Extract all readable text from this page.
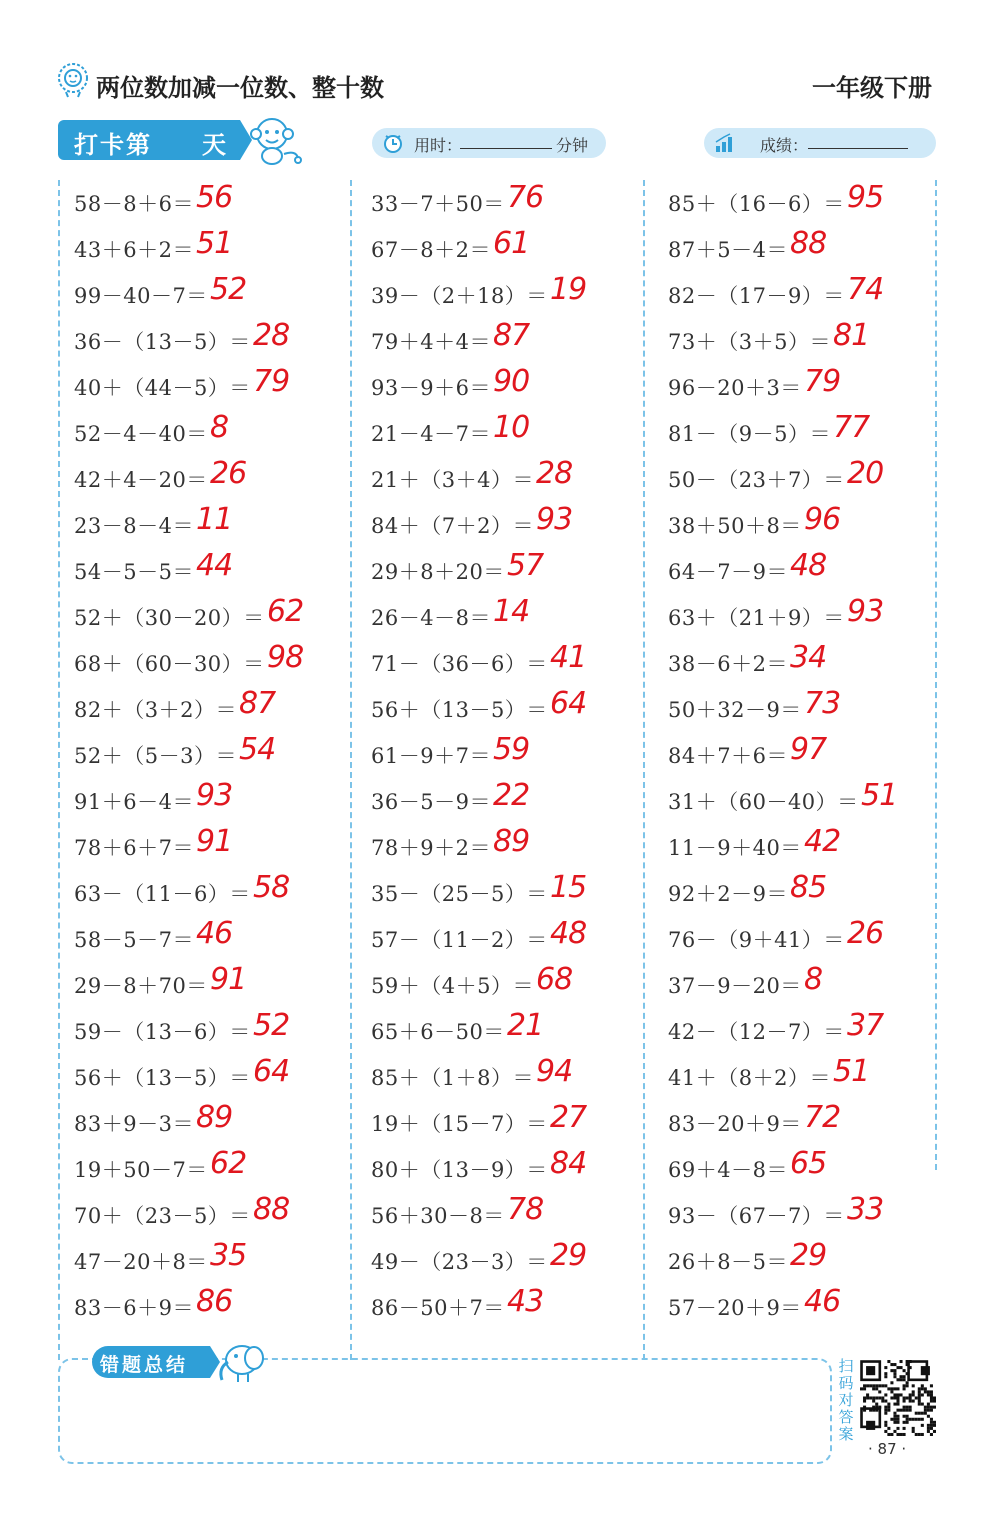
两位数加减一位数、整十数	一年级下册
打卡第 天	用时：	分钟	成绩：
58－8＋6＝ 56
43＋6＋2＝ 51
99－40－7＝ 52
36－（13－5）＝ 28
40＋（44－5）＝ 79
52－4－40＝ 8
42＋4－20＝ 26
23－8－4＝ 11
54－5－5＝ 44
52＋（30－20）＝ 62
68＋（60－30）＝ 98
82＋（3＋2）＝ 87
52＋（5－3）＝ 54
91＋6－4＝ 93
78＋6＋7＝ 91
63－（11－6）＝ 58
58－5－7＝ 46
29－8＋70＝ 91
59－（13－6）＝ 52
56＋（13－5）＝ 64
83＋9－3＝ 89
19＋50－7＝ 62
70＋（23－5）＝ 88
47－20＋8＝ 35
83－6＋9＝ 86
33－7＋50＝ 76
67－8＋2＝ 61
39－（2＋18）＝ 19
79＋4＋4＝ 87
93－9＋6＝ 90
21－4－7＝ 10
21＋（3＋4）＝ 28
84＋（7＋2）＝ 93
29＋8＋20＝ 57
26－4－8＝ 14
71－（36－6）＝ 41
56＋（13－5）＝ 64
61－9＋7＝ 59
36－5－9＝ 22
78＋9＋2＝ 89
35－（25－5）＝ 15
57－（11－2）＝ 48
59＋（4＋5）＝ 68
65＋6－50＝ 21
85＋（1＋8）＝ 94
19＋（15－7）＝ 27
80＋（13－9）＝ 84
56＋30－8＝ 78
49－（23－3）＝ 29
86－50＋7＝ 43
85＋（16－6）＝ 95
87＋5－4＝ 88
82－（17－9）＝ 74
73＋（3＋5）＝ 81
96－20＋3＝ 79
81－（9－5）＝ 77
50－（23＋7）＝ 20
38＋50＋8＝ 96
64－7－9＝ 48
63＋（21＋9）＝ 93
38－6＋2＝ 34
50＋32－9＝ 73
84＋7＋6＝ 97
31＋（60－40）＝ 51
11－9＋40＝ 42
92＋2－9＝ 85
76－（9＋41）＝ 26
37－9－20＝ 8
42－（12－7）＝ 37
41＋（8＋2）＝ 51
83－20＋9＝ 72
69＋4－8＝ 65
93－（67－7）＝ 33
26＋8－5＝ 29
57－20＋9＝ 46
错题总结	扫码对答案
· 87 ·
